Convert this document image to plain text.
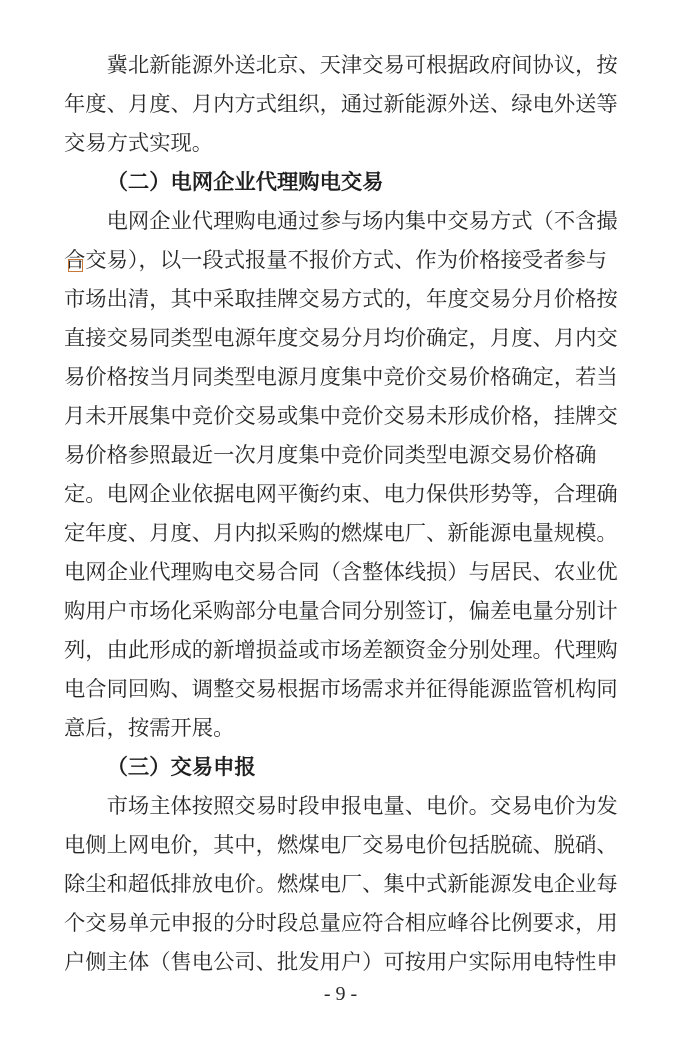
冀北新能源外送北京、天津交易可根据政府间协议，按
年度、月度、月内方式组织，通过新能源外送、绿电外送等
交易方式实现。
（二）电网企业代理购电交易
电网企业代理购电通过参与场内集中交易方式（不含撮
合交易），以一段式报量不报价方式、作为价格接受者参与
市场出清，其中采取挂牌交易方式的，年度交易分月价格按
直接交易同类型电源年度交易分月均价确定，月度、月内交
易价格按当月同类型电源月度集中竞价交易价格确定，若当
月未开展集中竞价交易或集中竞价交易未形成价格，挂牌交
易价格参照最近一次月度集中竞价同类型电源交易价格确
定。电网企业依据电网平衡约束、电力保供形势等，合理确
定年度、月度、月内拟采购的燃煤电厂、新能源电量规模。
电网企业代理购电交易合同（含整体线损）与居民、农业优
购用户市场化采购部分电量合同分别签订，偏差电量分别计
列，由此形成的新增损益或市场差额资金分别处理。代理购
电合同回购、调整交易根据市场需求并征得能源监管机构同
意后，按需开展。
（三）交易申报
市场主体按照交易时段申报电量、电价。交易电价为发
电侧上网电价，其中，燃煤电厂交易电价包括脱硫、脱硝、
除尘和超低排放电价。燃煤电厂、集中式新能源发电企业每
个交易单元申报的分时段总量应符合相应峰谷比例要求，用
户侧主体（售电公司、批发用户）可按用户实际用电特性申
- 9 -
